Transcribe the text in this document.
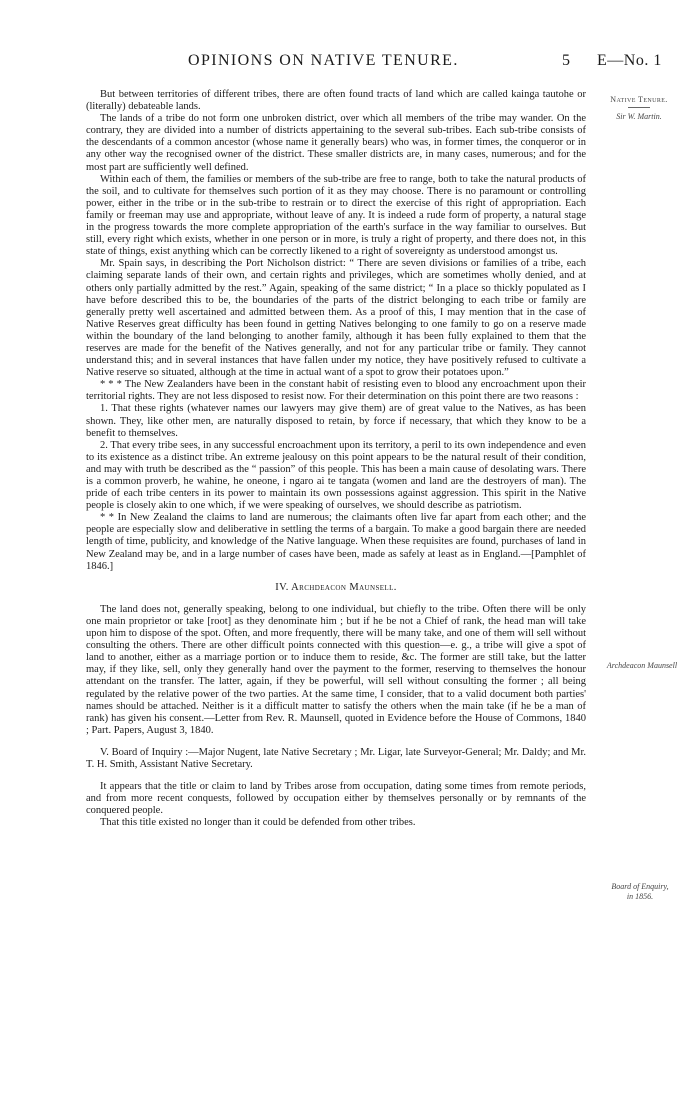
OPINIONS ON NATIVE TENURE.	5 E—No. 1
Native Tenure.
Sir W. Martin.
Archdeacon Maunsell
Board of Enquiry,
in 1856.

But between territories of different tribes, there are often found tracts of land which are called kainga tautohe or (literally) debateable lands.

The lands of a tribe do not form one unbroken district, over which all members of the tribe may wander. On the contrary, they are divided into a number of districts appertaining to the several sub-tribes. Each sub-tribe consists of the descendants of a common ancestor (whose name it generally bears) who was, in former times, the conqueror or in any other way the recognised owner of the district. These smaller districts are, in many cases, numerous; and for the most part are sufficiently well defined.

Within each of them, the families or members of the sub-tribe are free to range, both to take the natural products of the soil, and to cultivate for themselves such portion of it as they may choose. There is no paramount or controlling power, either in the tribe or in the sub-tribe to restrain or to direct the exercise of this right of appropriation. Each family or freeman may use and appropriate, without leave of any. It is indeed a rude form of property, a natural stage in the progress towards the more complete appropriation of the earth's surface in the way familiar to ourselves. But still, every right which exists, whether in one person or in more, is truly a right of property, and there does not, in this state of things, exist anything which can be correctly likened to a right of sovereignty as understood amongst us.

Mr. Spain says, in describing the Port Nicholson district: “ There are seven divisions or families of a tribe, each claiming separate lands of their own, and certain rights and privileges, which are sometimes wholly denied, and at others only partially admitted by the rest.” Again, speaking of the same district; “ In a place so thickly populated as I have before described this to be, the boundaries of the parts of the district belonging to each tribe or family are generally pretty well ascertained and admitted between them. As a proof of this, I may mention that in the case of Native Reserves great difficulty has been found in getting Natives belonging to one family to go on a reserve made within the boundary of the land belonging to another family, although it has been fully explained to them that the reserves are made for the benefit of the Natives generally, and not for any particular tribe or family. They cannot understand this; and in several instances that have fallen under my notice, they have positively refused to cultivate a Native reserve so situated, although at the time in actual want of a spot to grow their potatoes upon.”

* * * The New Zealanders have been in the constant habit of resisting even to blood any encroachment upon their territorial rights. They are not less disposed to resist now. For their determination on this point there are two reasons :

1. That these rights (whatever names our lawyers may give them) are of great value to the Natives, as has been shown. They, like other men, are naturally disposed to retain, by force if necessary, that which they know to be a benefit to themselves.

2. That every tribe sees, in any successful encroachment upon its territory, a peril to its own independence and even to its existence as a distinct tribe. An extreme jealousy on this point appears to be the natural result of their condition, and may with truth be described as the “ passion” of this people. This has been a main cause of desolating wars. There is a common proverb, he wahine, he oneone, i ngaro ai te tangata (women and land are the destroyers of man). The pride of each tribe centers in its power to maintain its own possessions against aggression. This spirit in the Native people is closely akin to one which, if we were speaking of ourselves, we should describe as patriotism.

* * In New Zealand the claims to land are numerous; the claimants often live far apart from each other; and the people are especially slow and deliberative in settling the terms of a bargain. To make a good bargain there are needed length of time, publicity, and knowledge of the Native language. When these requisites are found, purchases of land in New Zealand may be, and in a large number of cases have been, made as safely at least as in England.—[Pamphlet of 1846.]

IV. Archdeacon Maunsell.

The land does not, generally speaking, belong to one individual, but chiefly to the tribe. Often there will be only one main proprietor or take [root] as they denominate him ; but if he be not a Chief of rank, the head man will take upon him to dispose of the spot. Often, and more frequently, there will be many take, and one of them will sell without consulting the others. There are other difficult points connected with this question—e. g., a tribe will give a spot of land to another, either as a marriage portion or to induce them to reside, &c. The former are still take, but the latter may, if they like, sell, only they generally hand over the payment to the former, reserving to themselves the honour attendant on the transfer. The latter, again, if they be powerful, will sell without consulting the former ; all being regulated by the relative power of the two parties. At the same time, I consider, that to a valid document both parties' names should be attached. Neither is it a difficult matter to satisfy the others when the main take (if he be a man of rank) has given his consent.—Letter from Rev. R. Maunsell, quoted in Evidence before the House of Commons, 1840 ; Part. Papers, August 3, 1840.

V. Board of Inquiry :—Major Nugent, late Native Secretary ; Mr. Ligar, late Surveyor-General; Mr. Daldy; and Mr. T. H. Smith, Assistant Native Secretary.

It appears that the title or claim to land by Tribes arose from occupation, dating some times from remote periods, and from more recent conquests, followed by occupation either by themselves personally or by remnants of the conquered people.

That this title existed no longer than it could be defended from other tribes.
